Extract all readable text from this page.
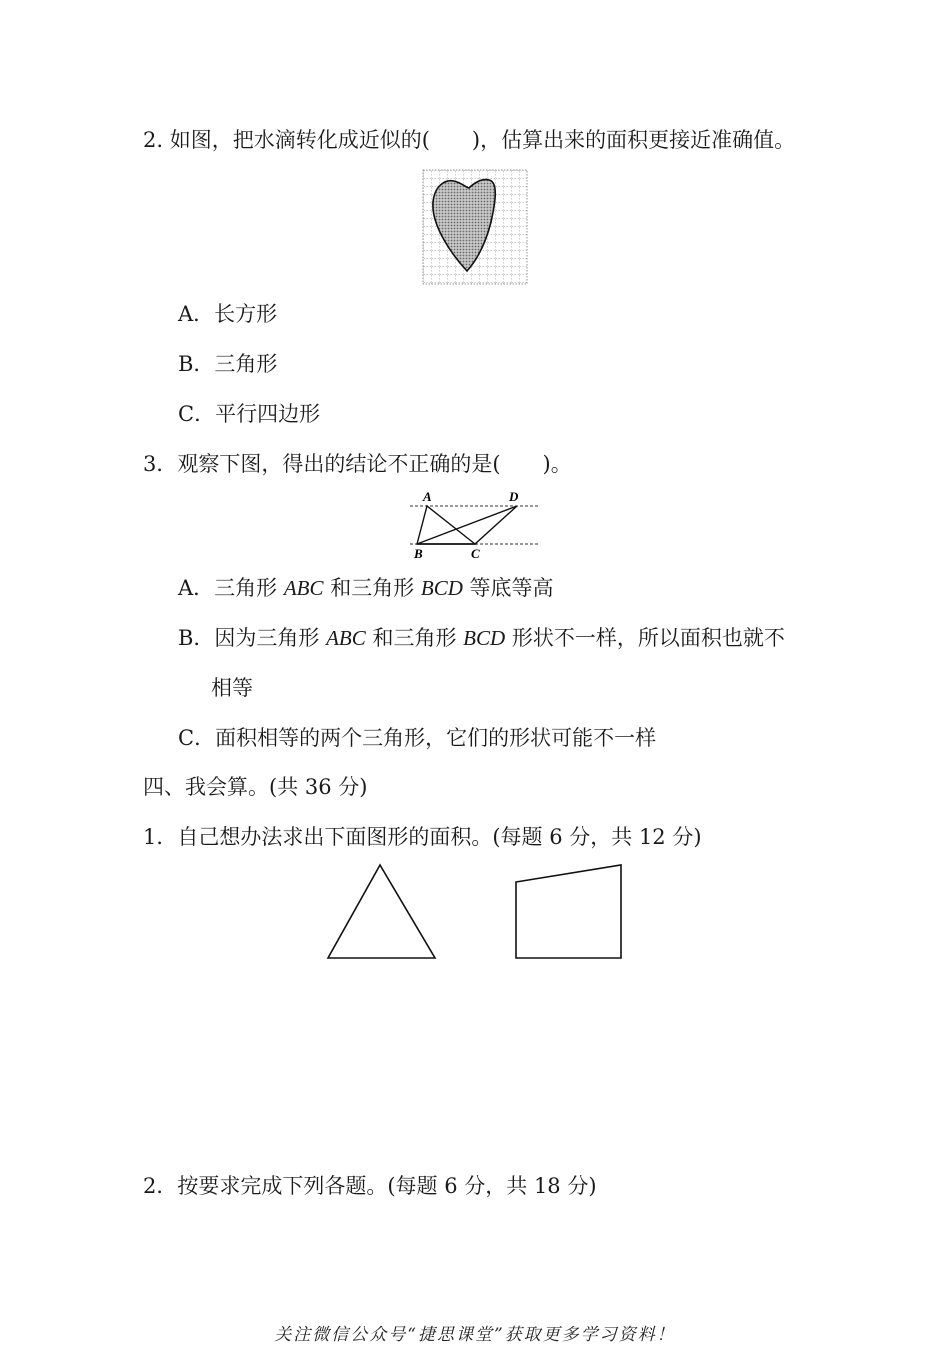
2. 如图，把水滴转化成近似的(　　)，估算出来的面积更接近准确值。
A．长方形
B．三角形
C．平行四边形
3．观察下图，得出的结论不正确的是(　　)。
A	D
B	C
A．三角形 ABC 和三角形 BCD 等底等高
B．因为三角形 ABC 和三角形 BCD 形状不一样，所以面积也就不
相等
C．面积相等的两个三角形，它们的形状可能不一样
四、我会算。(共 36 分)
1．自己想办法求出下面图形的面积。(每题 6 分，共 12 分)
2．按要求完成下列各题。(每题 6 分，共 18 分)
关注微信公众号“捷思课堂”获取更多学习资料！
